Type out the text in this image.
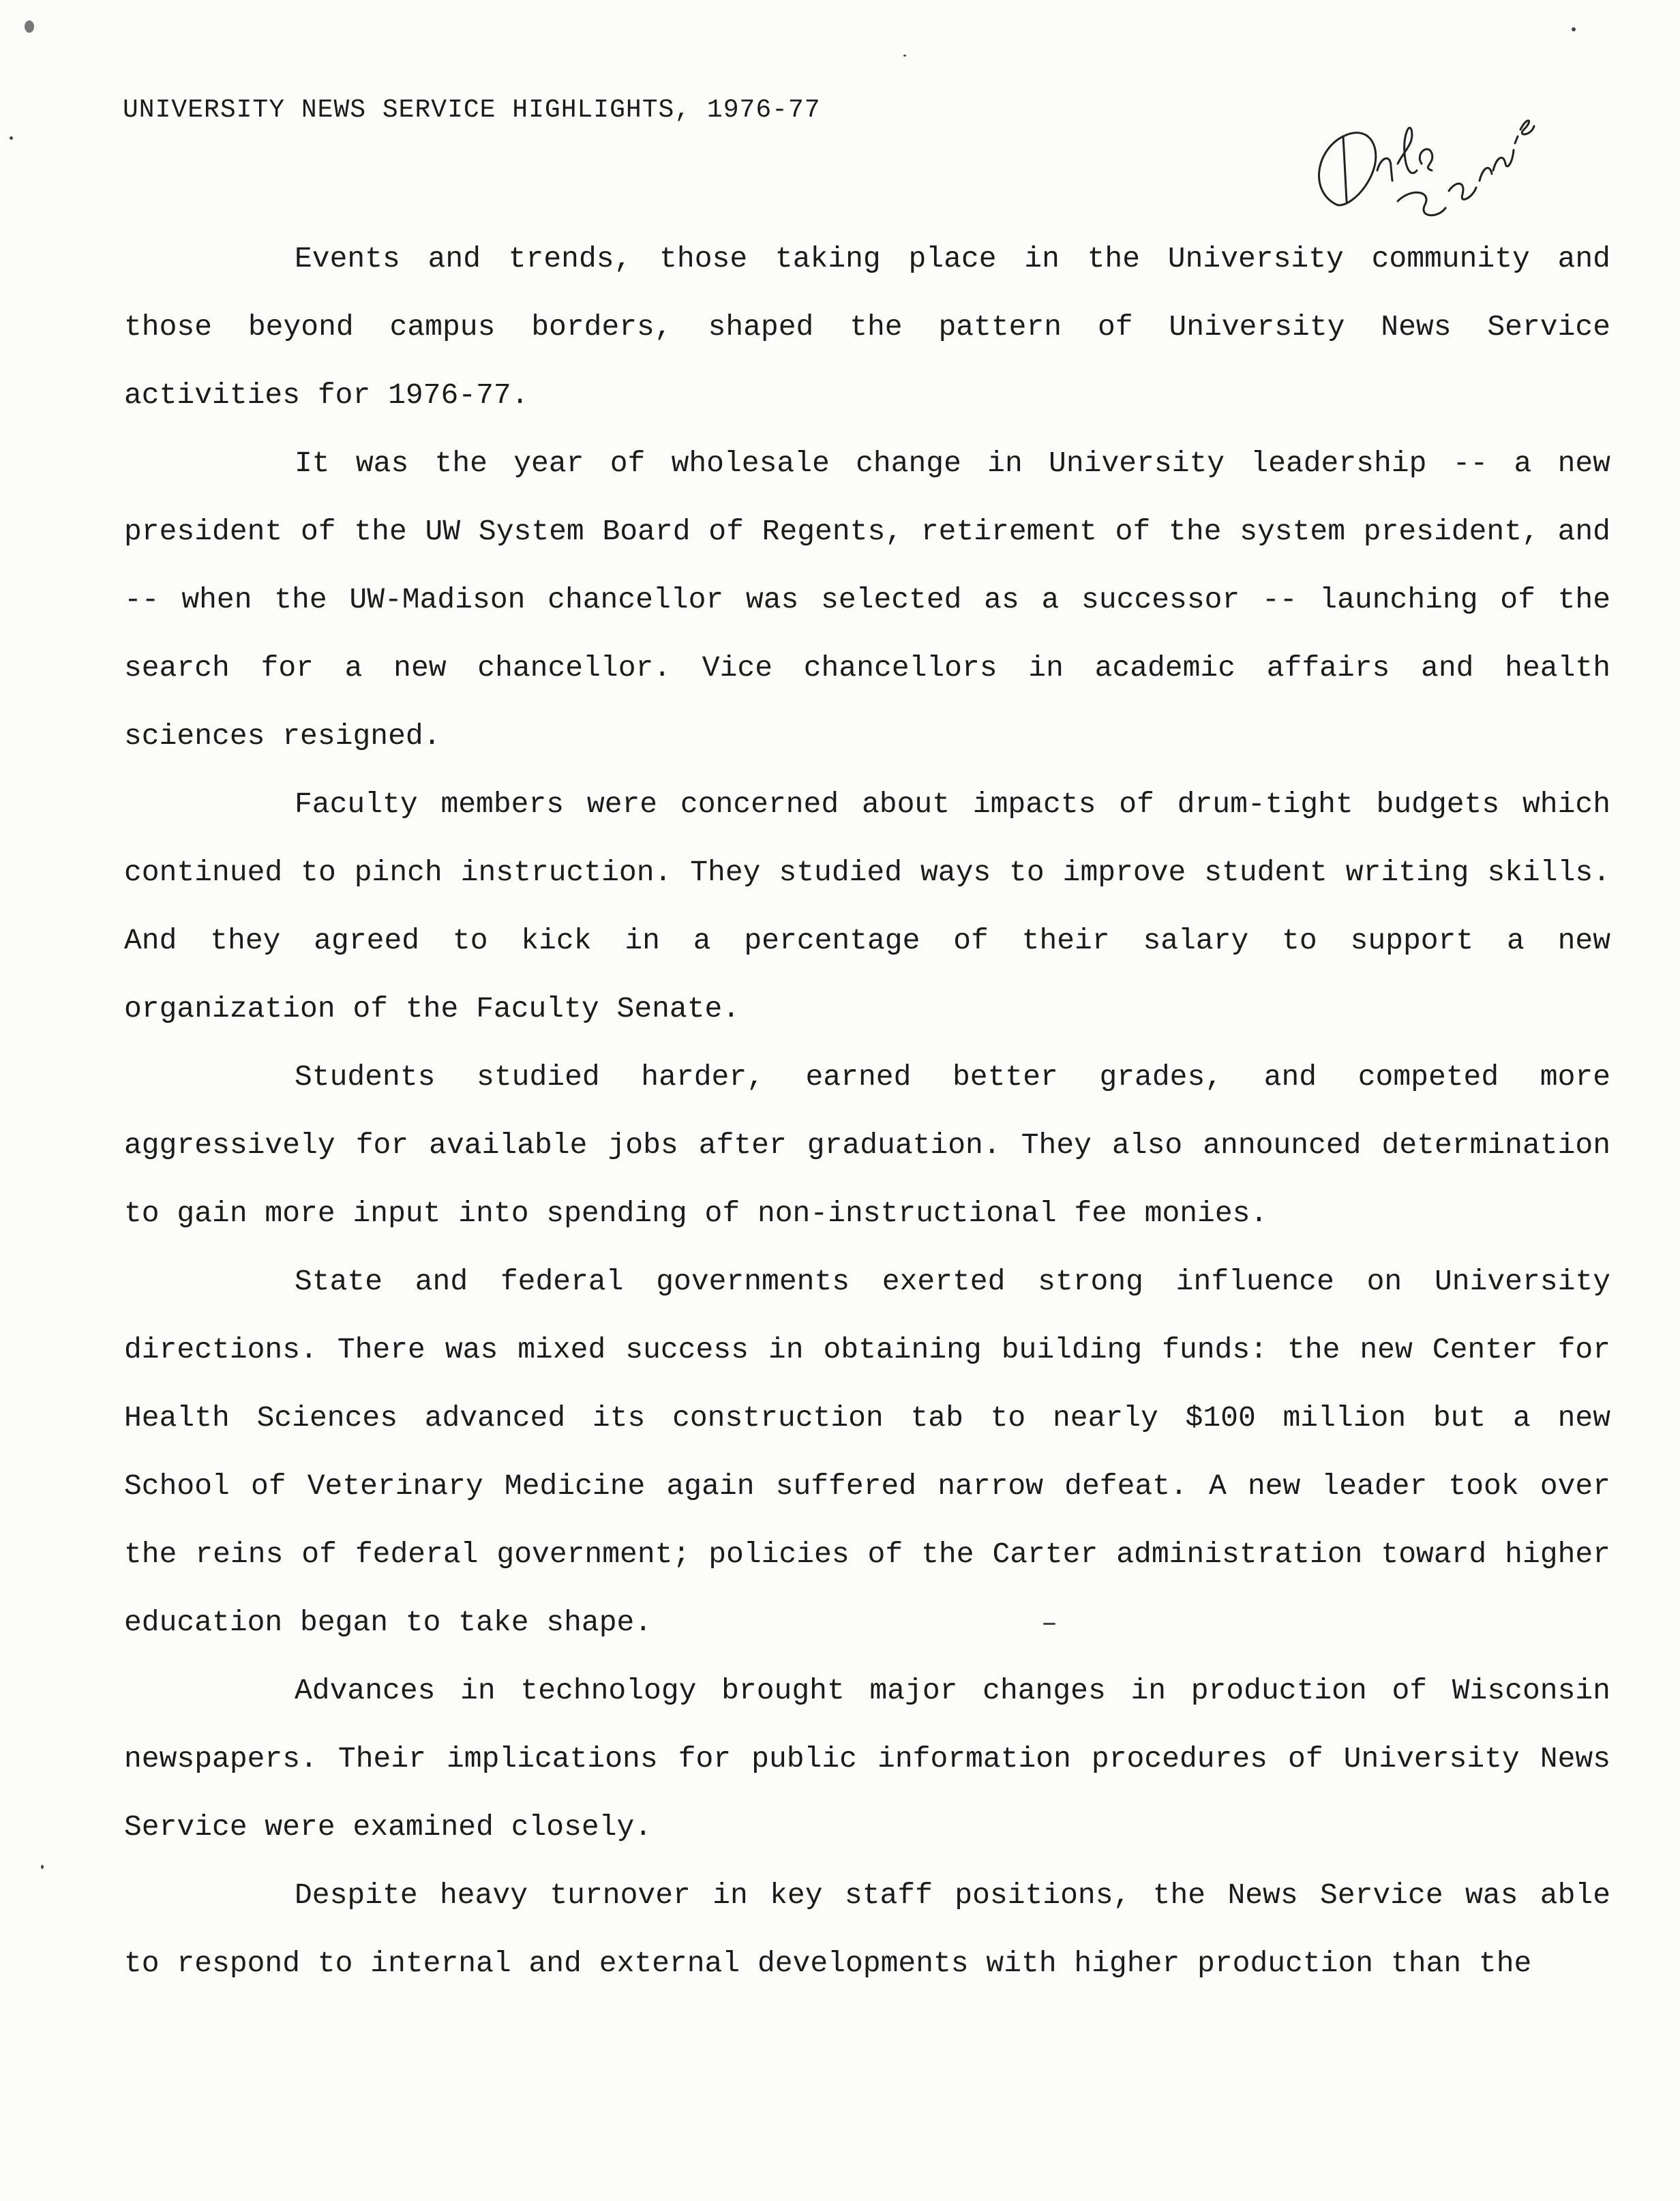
UNIVERSITY NEWS SERVICE HIGHLIGHTS, 1976-77

Events and trends, those taking place in the University community and those beyond campus borders, shaped the pattern of University News Service activities for 1976-77.

It was the year of wholesale change in University leadership -- a new president of the UW System Board of Regents, retirement of the system president, and -- when the UW-Madison chancellor was selected as a successor -- launching of the search for a new chancellor. Vice chancellors in academic affairs and health sciences resigned.

Faculty members were concerned about impacts of drum-tight budgets which continued to pinch instruction. They studied ways to improve student writing skills. And they agreed to kick in a percentage of their salary to support a new organization of the Faculty Senate.

Students studied harder, earned better grades, and competed more aggressively for available jobs after graduation. They also announced determination to gain more input into spending of non-instructional fee monies.

State and federal governments exerted strong influence on University directions. There was mixed success in obtaining building funds: the new Center for Health Sciences advanced its construction tab to nearly $100 million but a new School of Veterinary Medicine again suffered narrow defeat. A new leader took over the reins of federal government; policies of the Carter administration toward higher education began to take shape.

Advances in technology brought major changes in production of Wisconsin newspapers. Their implications for public information procedures of University News Service were examined closely.

Despite heavy turnover in key staff positions, the News Service was able to respond to internal and external developments with higher production than the
